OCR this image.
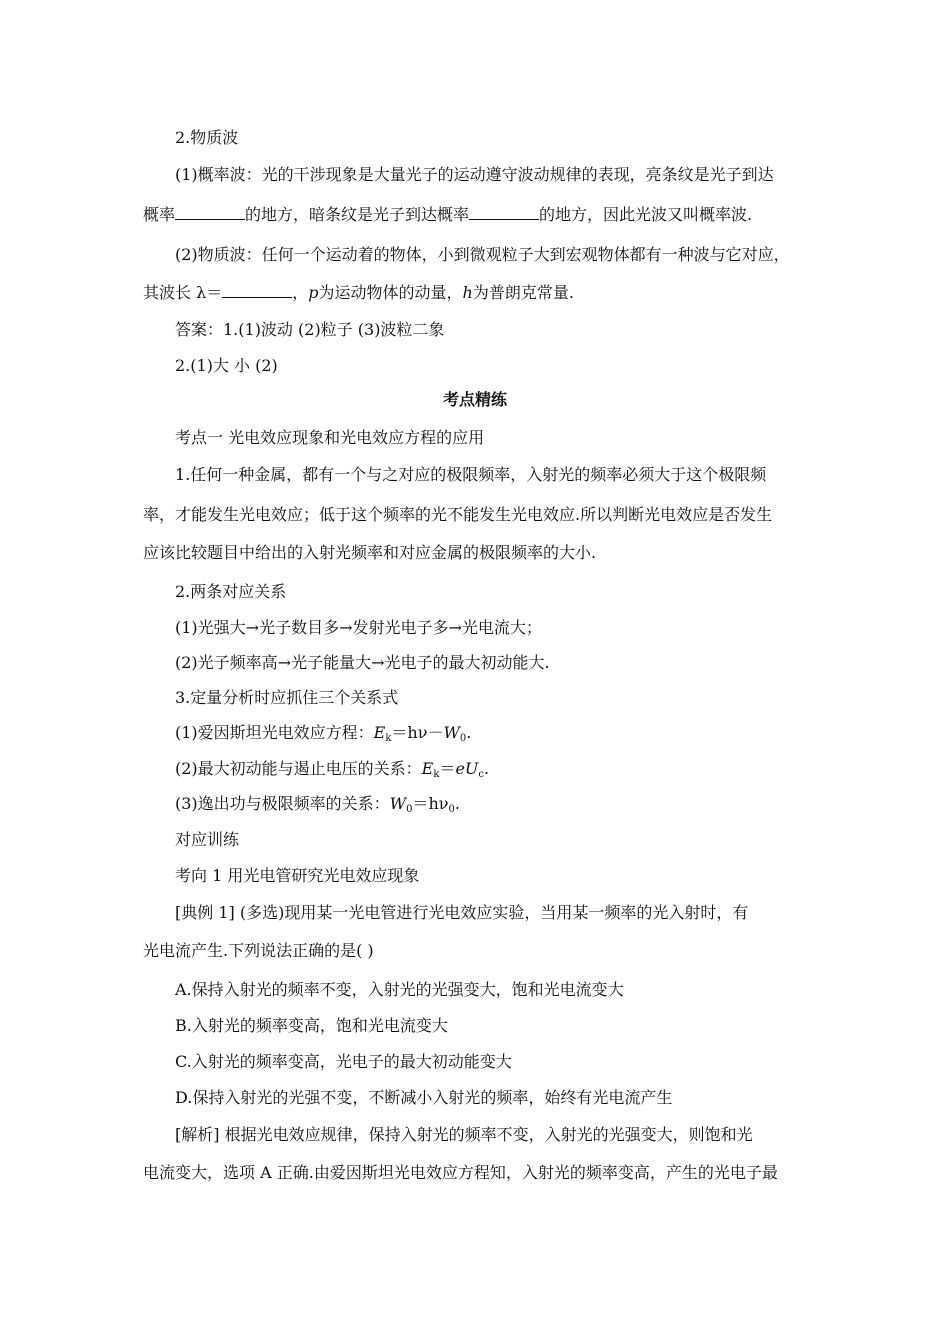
2.物质波
(1)概率波：光的干涉现象是大量光子的运动遵守波动规律的表现，亮条纹是光子到达
概率	的地方，暗条纹是光子到达概率	的地方，因此光波又叫概率波.
(2)物质波：任何一个运动着的物体，小到微观粒子大到宏观物体都有一种波与它对应，
其波长 λ＝	，p为运动物体的动量，h为普朗克常量.
答案：1.(1)波动 (2)粒子 (3)波粒二象
2.(1)大 小 (2)
考点精练
考点一 光电效应现象和光电效应方程的应用
1.任何一种金属，都有一个与之对应的极限频率，入射光的频率必须大于这个极限频
率，才能发生光电效应；低于这个频率的光不能发生光电效应.所以判断光电效应是否发生
应该比较题目中给出的入射光频率和对应金属的极限频率的大小.
2.两条对应关系
(1)光强大→光子数目多→发射光电子多→光电流大；
(2)光子频率高→光子能量大→光电子的最大初动能大.
3.定量分析时应抓住三个关系式
(1)爱因斯坦光电效应方程：$E_k=h\nu-W_0$.
(2)最大初动能与遏止电压的关系：$E_k=eU_c$.
(3)逸出功与极限频率的关系：$W_0=h\nu_0$.
对应训练
考向 1 用光电管研究光电效应现象
[典例 1] (多选)现用某一光电管进行光电效应实验，当用某一频率的光入射时，有
光电流产生.下列说法正确的是( )
A.保持入射光的频率不变，入射光的光强变大，饱和光电流变大
B.入射光的频率变高，饱和光电流变大
C.入射光的频率变高，光电子的最大初动能变大
D.保持入射光的光强不变，不断减小入射光的频率，始终有光电流产生
[解析] 根据光电效应规律，保持入射光的频率不变，入射光的光强变大，则饱和光
电流变大，选项 A 正确.由爱因斯坦光电效应方程知，入射光的频率变高，产生的光电子最
